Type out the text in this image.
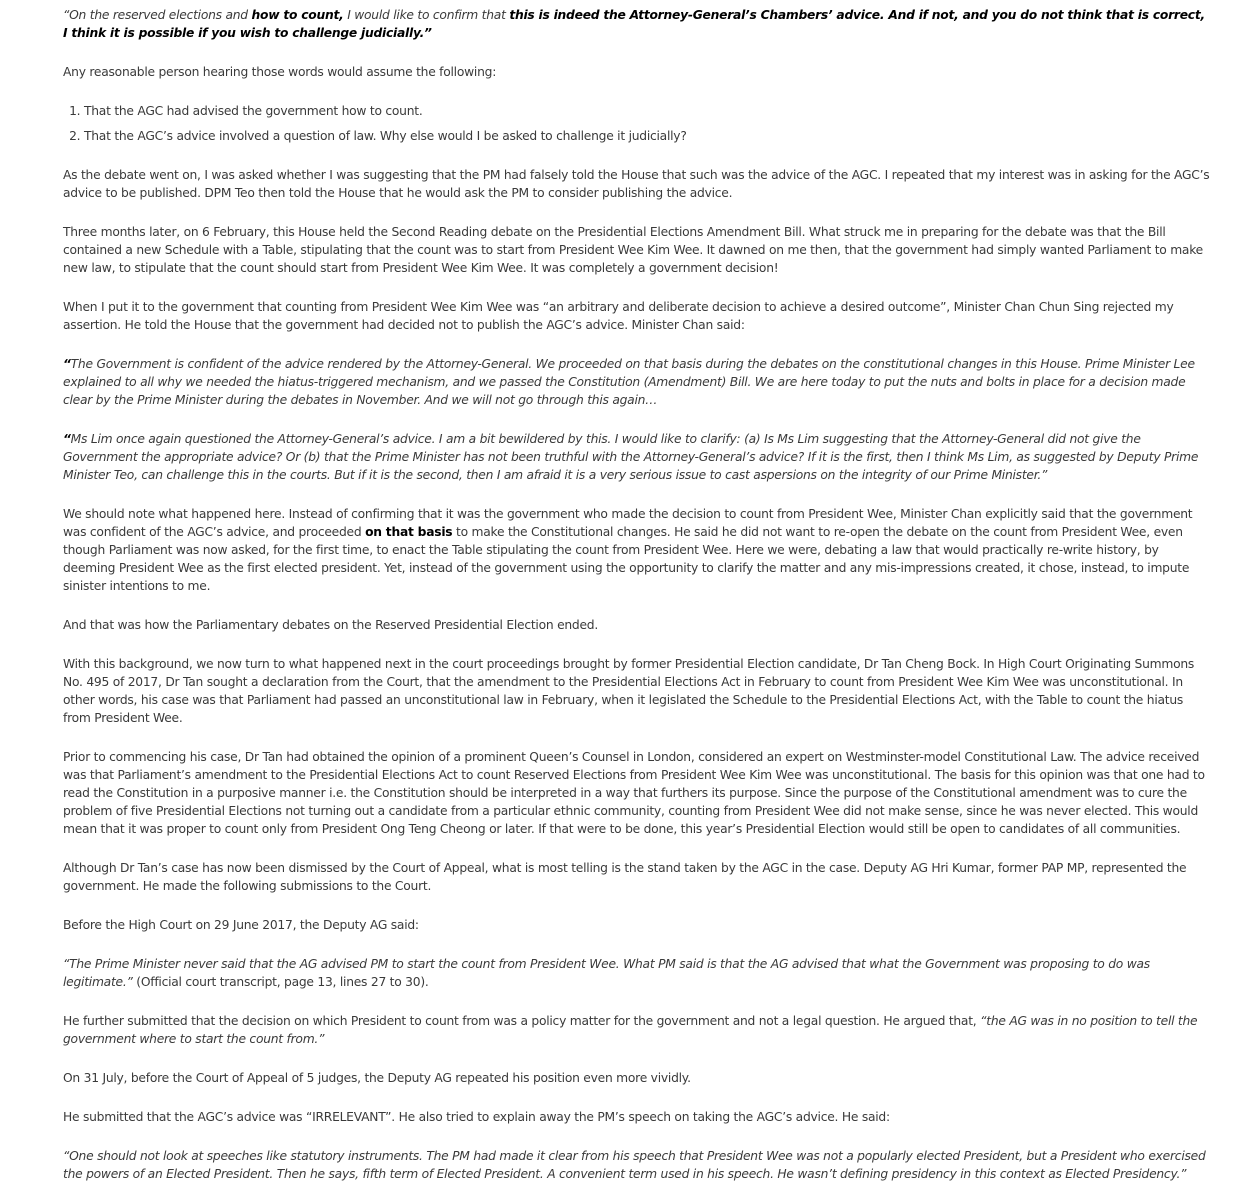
“On the reserved elections and how to count, I would like to confirm that this is indeed the Attorney-General’s Chambers’ advice. And if not, and you do not think that is correct, I think it is possible if you wish to challenge judicially.”

Any reasonable person hearing those words would assume the following:

1. That the AGC had advised the government how to count.
2. That the AGC’s advice involved a question of law. Why else would I be asked to challenge it judicially?

As the debate went on, I was asked whether I was suggesting that the PM had falsely told the House that such was the advice of the AGC. I repeated that my interest was in asking for the AGC’s advice to be published. DPM Teo then told the House that he would ask the PM to consider publishing the advice.

Three months later, on 6 February, this House held the Second Reading debate on the Presidential Elections Amendment Bill. What struck me in preparing for the debate was that the Bill contained a new Schedule with a Table, stipulating that the count was to start from President Wee Kim Wee. It dawned on me then, that the government had simply wanted Parliament to make new law, to stipulate that the count should start from President Wee Kim Wee. It was completely a government decision!

When I put it to the government that counting from President Wee Kim Wee was “an arbitrary and deliberate decision to achieve a desired outcome”, Minister Chan Chun Sing rejected my assertion. He told the House that the government had decided not to publish the AGC’s advice. Minister Chan said:

“The Government is confident of the advice rendered by the Attorney-General. We proceeded on that basis during the debates on the constitutional changes in this House. Prime Minister Lee explained to all why we needed the hiatus-triggered mechanism, and we passed the Constitution (Amendment) Bill. We are here today to put the nuts and bolts in place for a decision made clear by the Prime Minister during the debates in November. And we will not go through this again…

“Ms Lim once again questioned the Attorney-General’s advice. I am a bit bewildered by this. I would like to clarify: (a) Is Ms Lim suggesting that the Attorney-General did not give the Government the appropriate advice? Or (b) that the Prime Minister has not been truthful with the Attorney-General’s advice? If it is the first, then I think Ms Lim, as suggested by Deputy Prime Minister Teo, can challenge this in the courts. But if it is the second, then I am afraid it is a very serious issue to cast aspersions on the integrity of our Prime Minister.”

We should note what happened here. Instead of confirming that it was the government who made the decision to count from President Wee, Minister Chan explicitly said that the government was confident of the AGC’s advice, and proceeded on that basis to make the Constitutional changes. He said he did not want to re-open the debate on the count from President Wee, even though Parliament was now asked, for the first time, to enact the Table stipulating the count from President Wee. Here we were, debating a law that would practically re-write history, by deeming President Wee as the first elected president. Yet, instead of the government using the opportunity to clarify the matter and any mis-impressions created, it chose, instead, to impute sinister intentions to me.

And that was how the Parliamentary debates on the Reserved Presidential Election ended.

With this background, we now turn to what happened next in the court proceedings brought by former Presidential Election candidate, Dr Tan Cheng Bock. In High Court Originating Summons No. 495 of 2017, Dr Tan sought a declaration from the Court, that the amendment to the Presidential Elections Act in February to count from President Wee Kim Wee was unconstitutional. In other words, his case was that Parliament had passed an unconstitutional law in February, when it legislated the Schedule to the Presidential Elections Act, with the Table to count the hiatus from President Wee.

Prior to commencing his case, Dr Tan had obtained the opinion of a prominent Queen’s Counsel in London, considered an expert on Westminster-model Constitutional Law. The advice received was that Parliament’s amendment to the Presidential Elections Act to count Reserved Elections from President Wee Kim Wee was unconstitutional. The basis for this opinion was that one had to read the Constitution in a purposive manner i.e. the Constitution should be interpreted in a way that furthers its purpose. Since the purpose of the Constitutional amendment was to cure the problem of five Presidential Elections not turning out a candidate from a particular ethnic community, counting from President Wee did not make sense, since he was never elected. This would mean that it was proper to count only from President Ong Teng Cheong or later. If that were to be done, this year’s Presidential Election would still be open to candidates of all communities.

Although Dr Tan’s case has now been dismissed by the Court of Appeal, what is most telling is the stand taken by the AGC in the case. Deputy AG Hri Kumar, former PAP MP, represented the government. He made the following submissions to the Court.

Before the High Court on 29 June 2017, the Deputy AG said:

“The Prime Minister never said that the AG advised PM to start the count from President Wee. What PM said is that the AG advised that what the Government was proposing to do was legitimate.” (Official court transcript, page 13, lines 27 to 30).

He further submitted that the decision on which President to count from was a policy matter for the government and not a legal question. He argued that, “the AG was in no position to tell the government where to start the count from.”

On 31 July, before the Court of Appeal of 5 judges, the Deputy AG repeated his position even more vividly.

He submitted that the AGC’s advice was “IRRELEVANT”. He also tried to explain away the PM’s speech on taking the AGC’s advice. He said:

“One should not look at speeches like statutory instruments. The PM had made it clear from his speech that President Wee was not a popularly elected President, but a President who exercised the powers of an Elected President. Then he says, fifth term of Elected President. A convenient term used in his speech. He wasn’t defining presidency in this context as Elected Presidency.”
